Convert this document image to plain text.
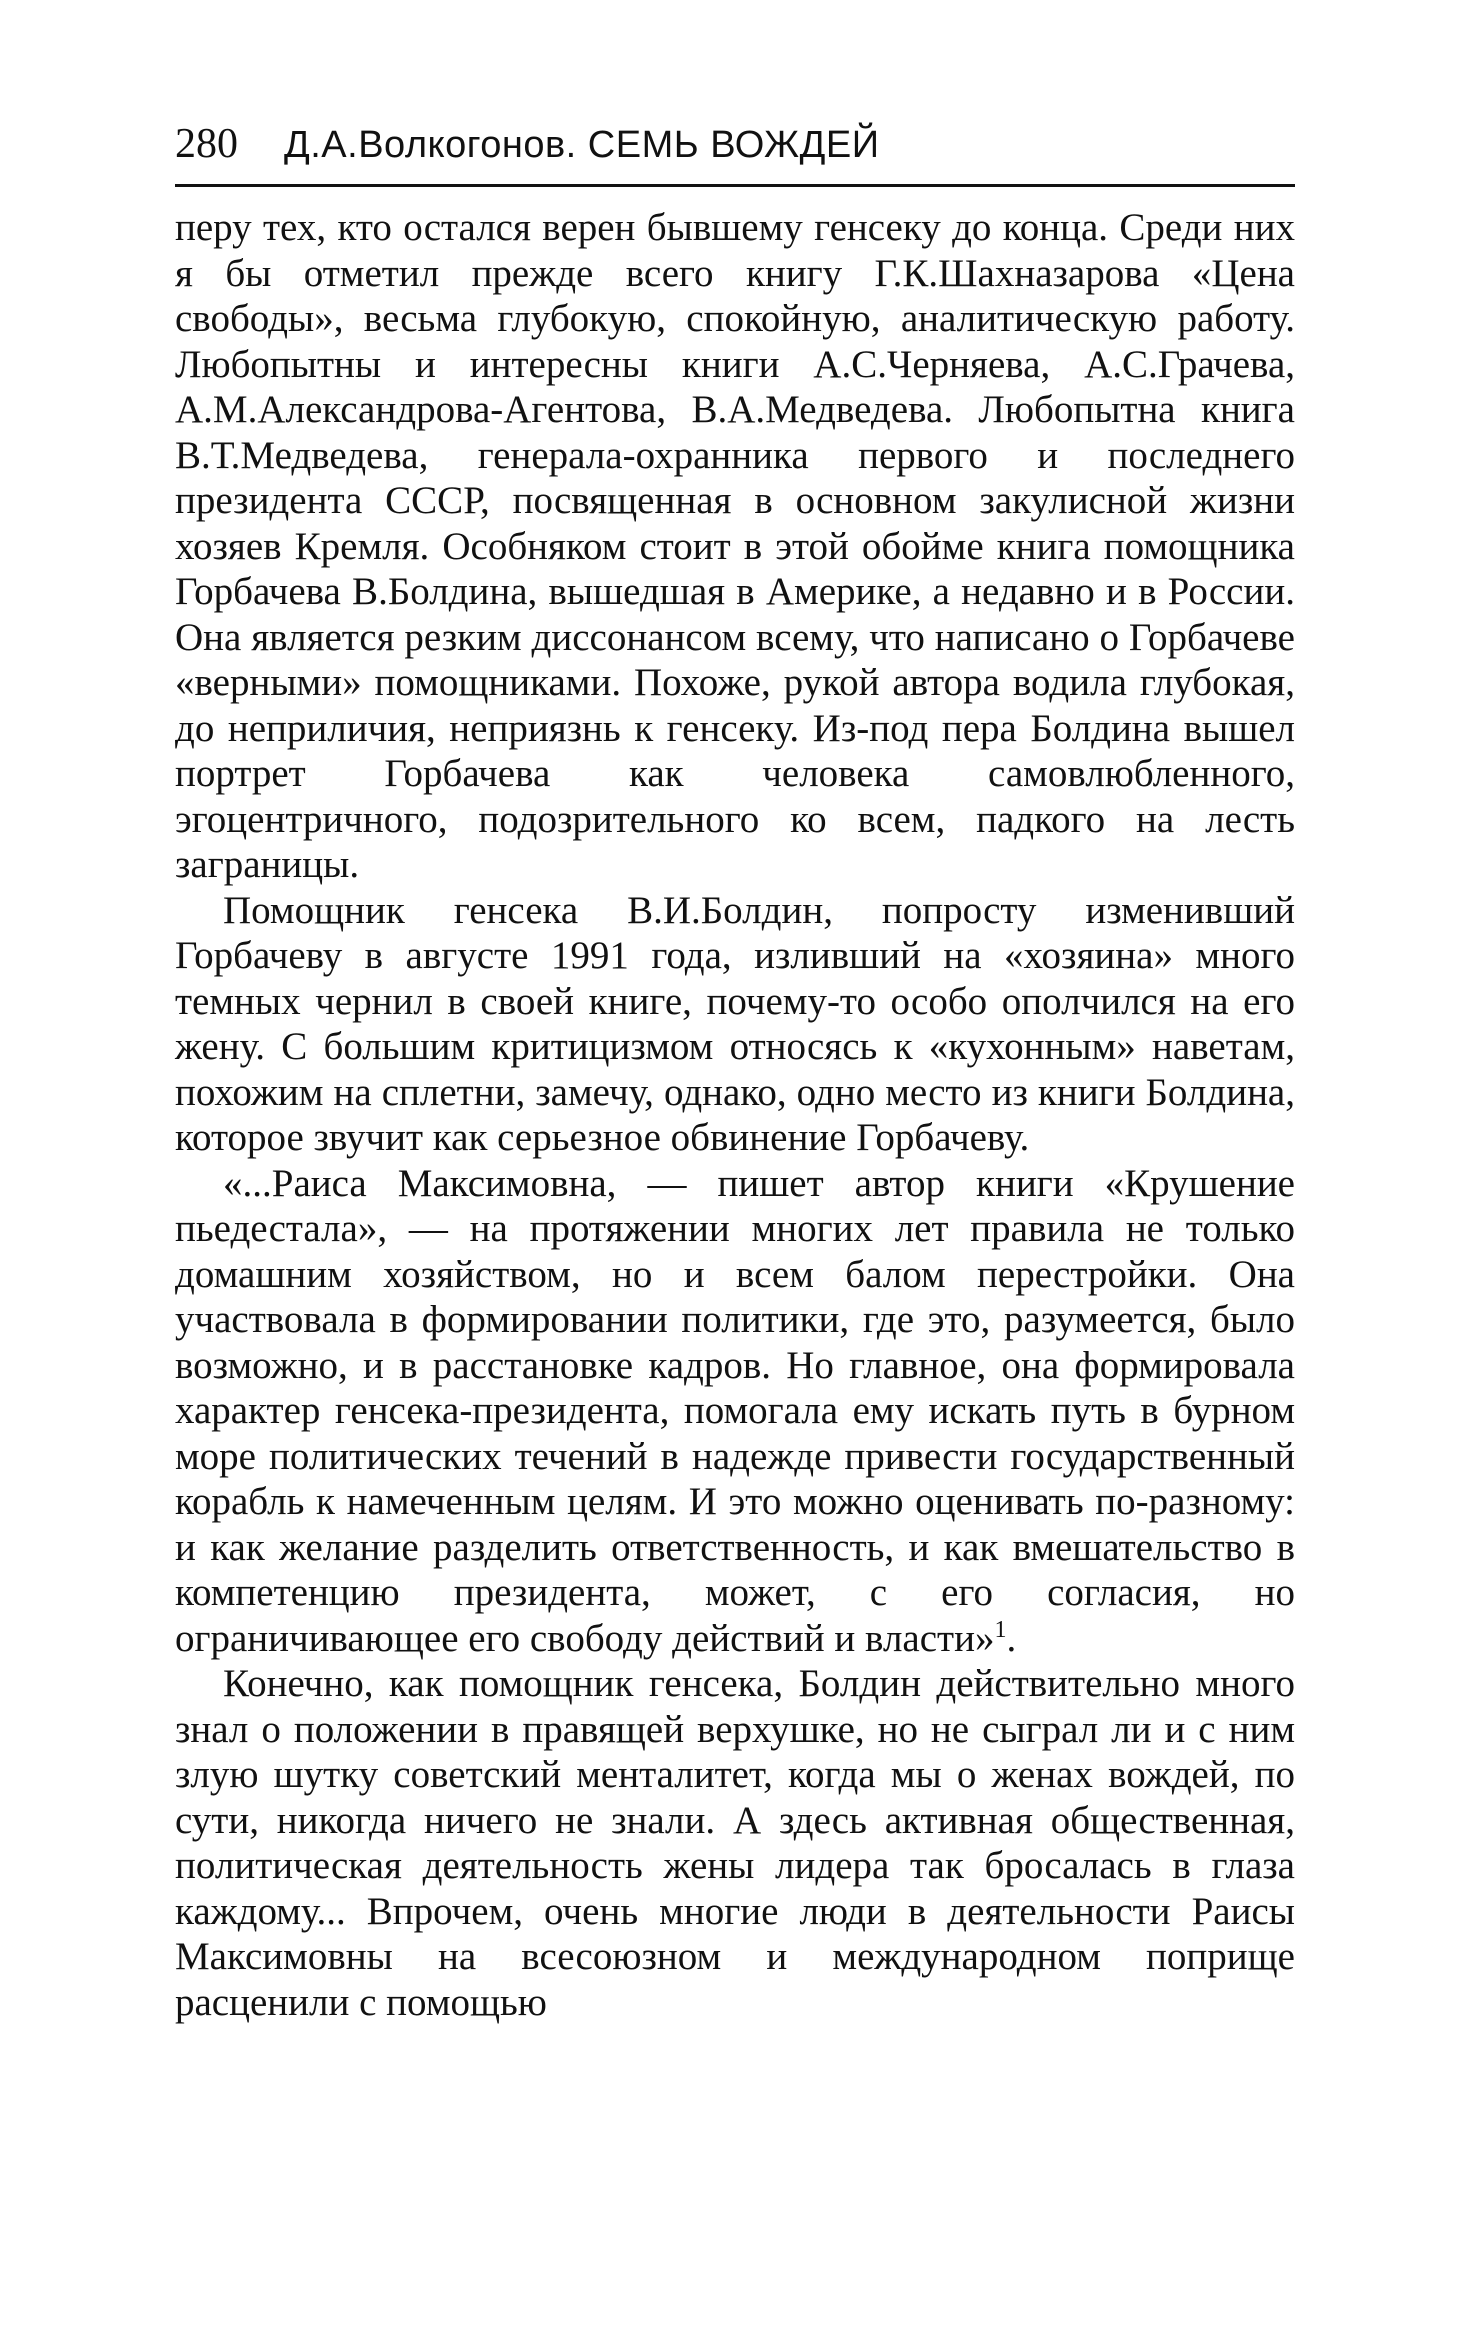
280 Д.А.Волкогонов. СЕМЬ ВОЖДЕЙ

перу тех, кто остался верен бывшему генсеку до конца. Среди них я бы отметил прежде всего книгу Г.К.Шахназарова «Цена свободы», весьма глубокую, спокойную, аналитическую работу. Любопытны и интересны книги А.С.Черняева, А.С.Грачева, А.М.Александрова-Агентова, В.А.Медведева. Любопытна книга В.Т.Медведева, генерала-охранника первого и последнего президента СССР, посвященная в основном закулисной жизни хозяев Кремля. Особняком стоит в этой обойме книга помощника Горбачева В.Болдина, вышедшая в Америке, а недавно и в России. Она является резким диссонансом всему, что написано о Горбачеве «верными» помощниками. Похоже, рукой автора водила глубокая, до неприличия, неприязнь к генсеку. Из-под пера Болдина вышел портрет Горбачева как человека самовлюбленного, эгоцентричного, подозрительного ко всем, падкого на лесть заграницы.

Помощник генсека В.И.Болдин, попросту изменивший Горбачеву в августе 1991 года, изливший на «хозяина» много темных чернил в своей книге, почему-то особо ополчился на его жену. С большим критицизмом относясь к «кухонным» наветам, похожим на сплетни, замечу, однако, одно место из книги Болдина, которое звучит как серьезное обвинение Горбачеву.

«...Раиса Максимовна, — пишет автор книги «Крушение пьедестала», — на протяжении многих лет правила не только домашним хозяйством, но и всем балом перестройки. Она участвовала в формировании политики, где это, разумеется, было возможно, и в расстановке кадров. Но главное, она формировала характер генсека-президента, помогала ему искать путь в бурном море политических течений в надежде привести государственный корабль к намеченным целям. И это можно оценивать по-разному: и как желание разделить ответственность, и как вмешательство в компетенцию президента, может, с его согласия, но ограничивающее его свободу действий и власти»$^1$.

Конечно, как помощник генсека, Болдин действительно много знал о положении в правящей верхушке, но не сыграл ли и с ним злую шутку советский менталитет, когда мы о женах вождей, по сути, никогда ничего не знали. А здесь активная общественная, политическая деятельность жены лидера так бросалась в глаза каждому... Впрочем, очень многие люди в деятельности Раисы Максимовны на всесоюзном и международном поприще расценили с помощью
